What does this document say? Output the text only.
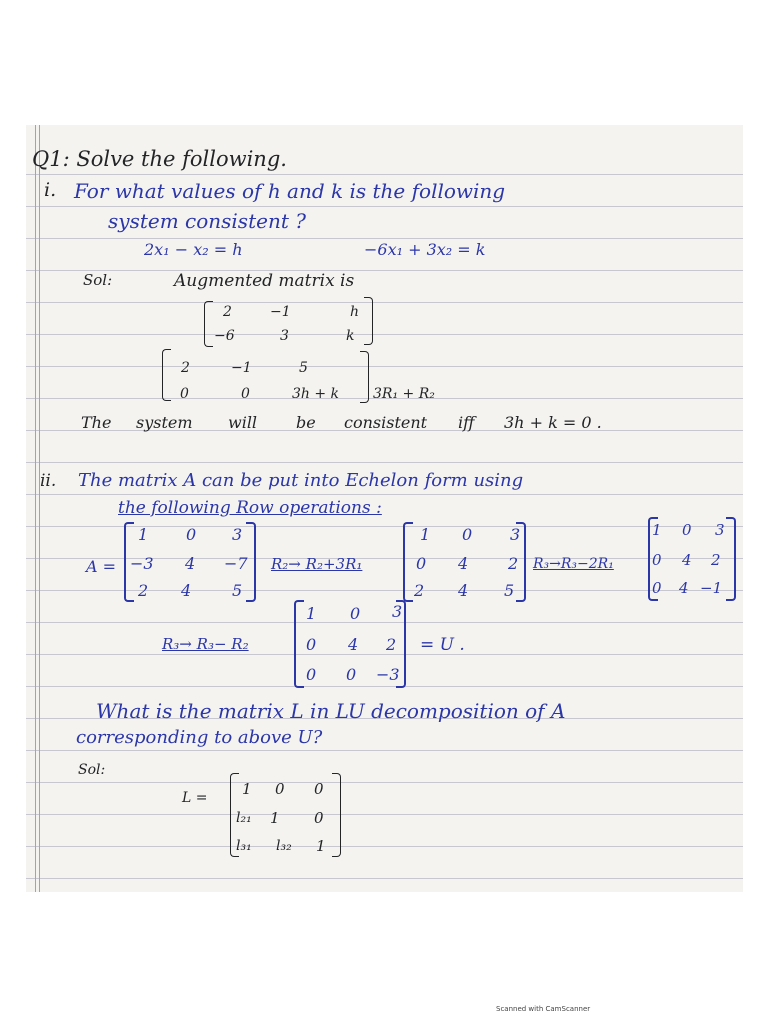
Q1: Solve the following.
i. For what values of h and k is the following
system consistent ?
2x₁ − x₂ = h	−6x₁ + 3x₂ = k
Sol:	Augmented matrix is
2	−1	h
−6	3	k
2	−1	5
0	0	3h + k 3R₁ + R₂
The system will be consistent iff 3h + k = 0 .
ii. The matrix A can be put into Echelon form using
the following Row operations :
A =
1 0 3
−3 4 −7
2 4	5
R₂→ R₂+3R₁
1 0 3
0 4 2
2 4 5
R₃→R₃−2R₁
1 0 3
0 4 2
0 4 −1
R₃→ R₃− R₂
1 0 3
0 4 2
0 0 −3
= U .
What is the matrix L in LU decomposition of A
corresponding to above U?
Sol:
L = 1 0 0
l₂₁ 1 0
l₃₁ l₃₂ 1
Scanned with CamScanner
